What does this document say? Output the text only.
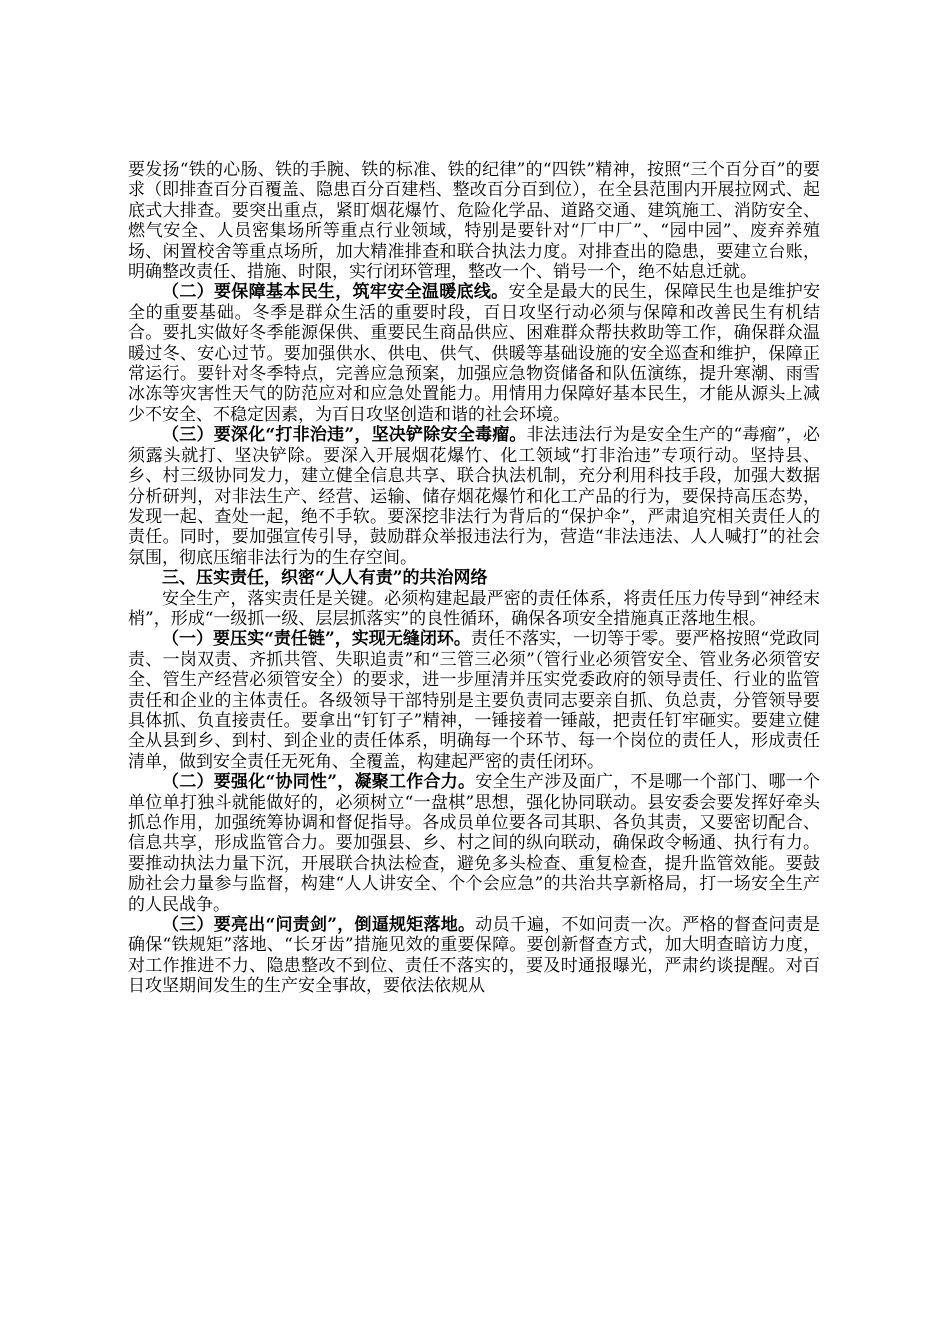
要发扬“铁的心肠、铁的手腕、铁的标准、铁的纪律”的“四铁”精神，按照“三个百分百”的要求（即排查百分百覆盖、隐患百分百建档、整改百分百到位），在全县范围内开展拉网式、起底式大排查。要突出重点，紧盯烟花爆竹、危险化学品、道路交通、建筑施工、消防安全、燃气安全、人员密集场所等重点行业领域，特别是要针对“厂中厂”、“园中园”、废弃养殖场、闲置校舍等重点场所，加大精准排查和联合执法力度。对排查出的隐患，要建立台账，明确整改责任、措施、时限，实行闭环管理，整改一个、销号一个，绝不姑息迁就。

（二）要保障基本民生，筑牢安全温暖底线。安全是最大的民生，保障民生也是维护安全的重要基础。冬季是群众生活的重要时段，百日攻坚行动必须与保障和改善民生有机结合。要扎实做好冬季能源保供、重要民生商品供应、困难群众帮扶救助等工作，确保群众温暖过冬、安心过节。要加强供水、供电、供气、供暖等基础设施的安全巡查和维护，保障正常运行。要针对冬季特点，完善应急预案，加强应急物资储备和队伍演练，提升寒潮、雨雪冰冻等灾害性天气的防范应对和应急处置能力。用情用力保障好基本民生，才能从源头上减少不安全、不稳定因素，为百日攻坚创造和谐的社会环境。

（三）要深化“打非治违”，坚决铲除安全毒瘤。非法违法行为是安全生产的“毒瘤”，必须露头就打、坚决铲除。要深入开展烟花爆竹、化工领域“打非治违”专项行动。坚持县、乡、村三级协同发力，建立健全信息共享、联合执法机制，充分利用科技手段，加强大数据分析研判，对非法生产、经营、运输、储存烟花爆竹和化工产品的行为，要保持高压态势，发现一起、查处一起，绝不手软。要深挖非法行为背后的“保护伞”，严肃追究相关责任人的责任。同时，要加强宣传引导，鼓励群众举报违法行为，营造“非法违法、人人喊打”的社会氛围，彻底压缩非法行为的生存空间。

三、压实责任，织密“人人有责”的共治网络

安全生产，落实责任是关键。必须构建起最严密的责任体系，将责任压力传导到“神经末梢”，形成“一级抓一级、层层抓落实”的良性循环，确保各项安全措施真正落地生根。

（一）要压实“责任链”，实现无缝闭环。责任不落实，一切等于零。要严格按照“党政同责、一岗双责、齐抓共管、失职追责”和“三管三必须”（管行业必须管安全、管业务必须管安全、管生产经营必须管安全）的要求，进一步厘清并压实党委政府的领导责任、行业的监管责任和企业的主体责任。各级领导干部特别是主要负责同志要亲自抓、负总责，分管领导要具体抓、负直接责任。要拿出“钉钉子”精神，一锤接着一锤敲，把责任钉牢砸实。要建立健全从县到乡、到村、到企业的责任体系，明确每一个环节、每一个岗位的责任人，形成责任清单，做到安全责任无死角、全覆盖，构建起严密的责任闭环。

（二）要强化“协同性”，凝聚工作合力。安全生产涉及面广，不是哪一个部门、哪一个单位单打独斗就能做好的，必须树立“一盘棋”思想，强化协同联动。县安委会要发挥好牵头抓总作用，加强统筹协调和督促指导。各成员单位要各司其职、各负其责，又要密切配合、信息共享，形成监管合力。要加强县、乡、村之间的纵向联动，确保政令畅通、执行有力。要推动执法力量下沉，开展联合执法检查，避免多头检查、重复检查，提升监管效能。要鼓励社会力量参与监督，构建“人人讲安全、个个会应急”的共治共享新格局，打一场安全生产的人民战争。

（三）要亮出“问责剑”，倒逼规矩落地。动员千遍，不如问责一次。严格的督查问责是确保“铁规矩”落地、“长牙齿”措施见效的重要保障。要创新督查方式，加大明查暗访力度，对工作推进不力、隐患整改不到位、责任不落实的，要及时通报曝光，严肃约谈提醒。对百日攻坚期间发生的生产安全事故，要依法依规从
